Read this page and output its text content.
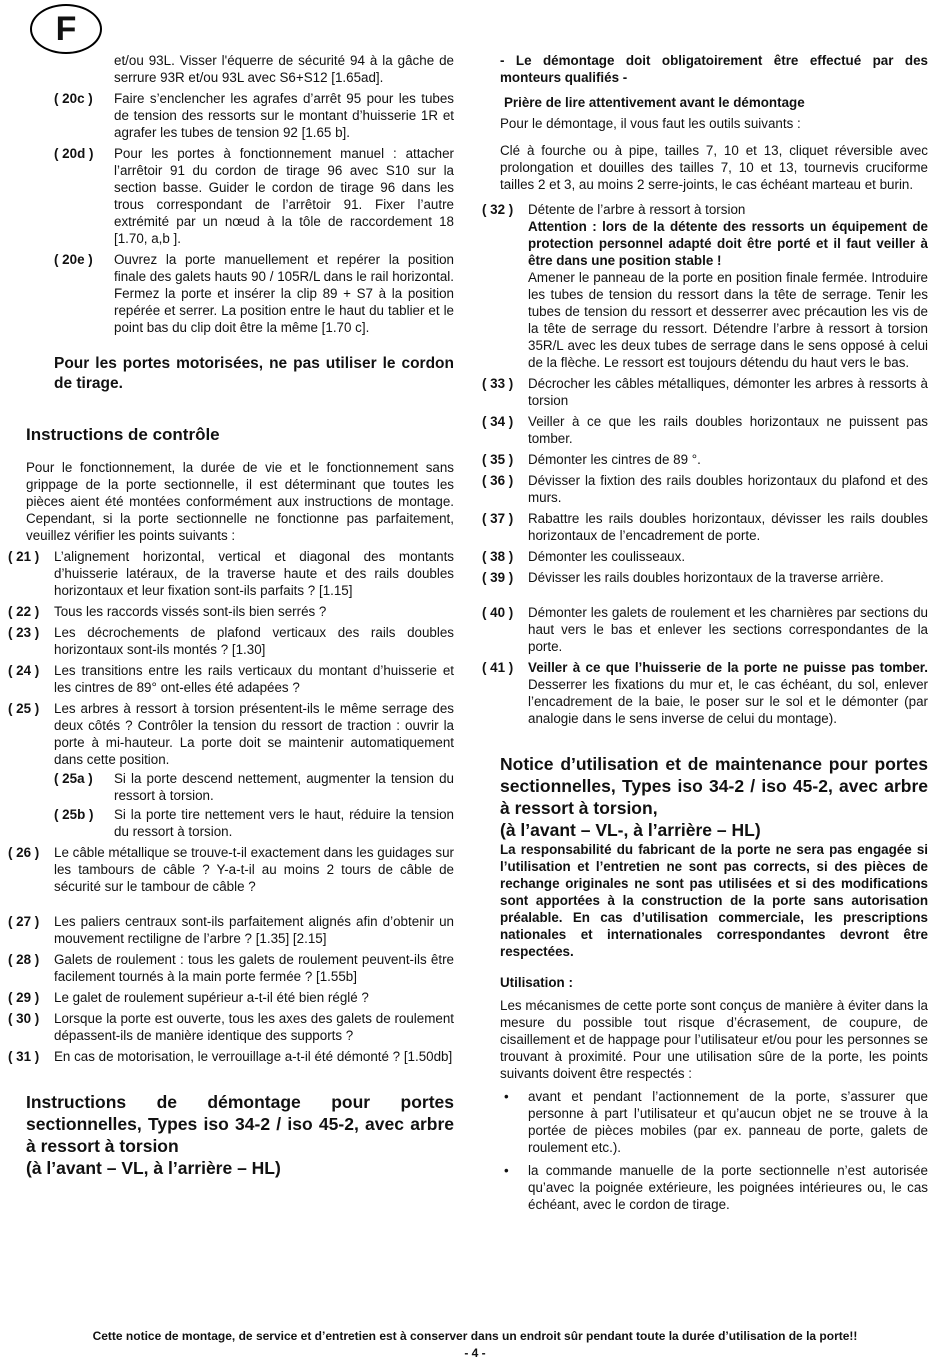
F
et/ou 93L. Visser l'équerre de sécurité 94 à la gâche de serrure 93R et/ou 93L avec S6+S12 [1.65ad].
( 20c )	Faire s’enclencher les agrafes d’arrêt 95 pour les tubes de tension des ressorts sur le montant d’huisserie 1R et agrafer les tubes de tension 92 [1.65 b].
( 20d )	Pour les portes à fonctionnement manuel : attacher l’arrêtoir 91 du cordon de tirage 96 avec S10 sur la section basse. Guider le cordon de tirage 96 dans les trous correspondant de l’arrêtoir 91. Fixer l’autre extrémité par un nœud à la tôle de raccordement 18 [1.70, a,b ].
( 20e )	Ouvrez la porte manuellement et repérer la position finale des galets hauts 90 / 105R/L dans le rail horizontal. Fermez la porte et insérer la clip 89 + S7 à la position repérée et serrer. La position entre le haut du tablier et le point bas du clip doit être la même [1.70 c].
Pour les portes motorisées, ne pas utiliser le cordon de tirage.
Instructions de contrôle
Pour le fonctionnement, la durée de vie et le fonctionnement sans grippage de la porte sectionnelle, il est déterminant que toutes les pièces aient été montées conformément aux instructions de montage. Cependant, si la porte sectionnelle ne fonctionne pas parfaitement, veuillez vérifier les points suivants :
( 21 )	L’alignement horizontal, vertical et diagonal des montants d’huisserie latéraux, de la traverse haute et des rails doubles horizontaux et leur fixation sont-ils parfaits ? [1.15]
( 22 )	Tous les raccords vissés sont-ils bien serrés ?
( 23 )	Les décrochements de plafond verticaux des rails doubles horizontaux sont-ils montés ? [1.30]
( 24 )	Les transitions entre les rails verticaux du montant d’huisserie et les cintres de 89° ont-elles été adapées ?
( 25 )	Les arbres à ressort à torsion présentent-ils le même serrage des deux côtés ? Contrôler la tension du ressort de traction : ouvrir la porte à mi-hauteur. La porte doit se maintenir automatiquement dans cette position.
( 25a )	Si la porte descend nettement, augmenter la tension du ressort à torsion.
( 25b )	Si la porte tire nettement vers le haut, réduire la tension du ressort à torsion.
( 26 )	Le câble métallique se trouve-t-il exactement dans les guidages sur les tambours de câble ? Y-a-t-il au moins 2 tours de câble de sécurité sur le tambour de câble ?
( 27 )	Les paliers centraux sont-ils parfaitement alignés afin d’obtenir un mouvement rectiligne de l’arbre ? [1.35] [2.15]
( 28 )	Galets de roulement : tous les galets de roulement peuvent-ils être facilement tournés à la main porte fermée ? [1.55b]
( 29 )	Le galet de roulement supérieur a-t-il été bien réglé ?
( 30 )	Lorsque la porte est ouverte, tous les axes des galets de roulement dépassent-ils de manière identique des supports ?
( 31 )	En cas de motorisation, le verrouillage a-t-il été démonté ? [1.50db]
Instructions de démontage pour portes sectionnelles, Types iso 34-2 / iso 45-2, avec arbre à ressort à torsion
(à l’avant – VL, à l’arrière – HL)
- Le démontage doit obligatoirement être effectué par des monteurs qualifiés -
Prière de lire attentivement avant le démontage
Pour le démontage, il vous faut les outils suivants :
Clé à fourche ou à pipe, tailles 7, 10 et 13, cliquet réversible avec prolongation et douilles des tailles 7, 10 et 13, tournevis cruciforme tailles 2 et 3, au moins 2 serre-joints, le cas échéant marteau et burin.
( 32 )	Détente de l’arbre à ressort à torsion
Attention : lors de la détente des ressorts un équipement de protection personnel adapté doit être porté et il faut veiller à être dans une position stable !
Amener le panneau de la porte en position finale fermée. Introduire les tubes de tension du ressort dans la tête de serrage. Tenir les tubes de tension du ressort et desserrer avec précaution les vis de la tête de serrage du ressort. Détendre l’arbre à ressort à torsion 35R/L avec les deux tubes de serrage dans le sens opposé à celui de la flèche. Le ressort est toujours détendu du haut vers le bas.
( 33 )	Décrocher les câbles métalliques, démonter les arbres à ressorts à torsion
( 34 )	Veiller à ce que les rails doubles horizontaux ne puissent pas tomber.
( 35 )	Démonter les cintres de 89 °.
( 36 )	Dévisser la fixtion des rails doubles horizontaux du plafond et des murs.
( 37 )	Rabattre les rails doubles horizontaux, dévisser les rails doubles horizontaux de l’encadrement de porte.
( 38 )	Démonter les coulisseaux.
( 39 )	Dévisser les rails doubles horizontaux de la traverse arrière.
( 40 )	Démonter les galets de roulement et les charnières par sections du haut vers le bas et enlever les sections correspondantes de la porte.
( 41 )	Veiller à ce que l’huisserie de la porte ne puisse pas tomber. Desserrer les fixations du mur et, le cas échéant, du sol, enlever l’encadrement de la baie, le poser sur le sol et le démonter (par analogie dans le sens inverse de celui du montage).
Notice d’utilisation et de maintenance pour portes sectionnelles, Types iso 34-2 / iso 45-2, avec arbre à ressort à torsion,
(à l’avant – VL-, à l’arrière – HL)
La responsabilité du fabricant de la porte ne sera pas engagée si l’utilisation et l’entretien ne sont pas corrects, si des pièces de rechange originales ne sont pas utilisées et si des modifications sont apportées à la construction de la porte sans autorisation préalable. En cas d’utilisation commerciale, les prescriptions nationales et internationales correspondantes devront être respectées.
Utilisation :
Les mécanismes de cette porte sont conçus de manière à éviter dans la mesure du possible tout risque d’écrasement, de coupure, de cisaillement et de happage pour l’utilisateur et/ou pour les personnes se trouvant à proximité. Pour une utilisation sûre de la porte, les points suivants doivent être respectés :
•	avant et pendant l’actionnement de la porte, s’assurer que personne à part l’utilisateur et qu’aucun objet ne se trouve à la portée de pièces mobiles (par ex. panneau de porte, galets de roulement etc.).
•	la commande manuelle de la porte sectionnelle n’est autorisée qu’avec la poignée extérieure, les poignées intérieures ou, le cas échéant, avec le cordon de tirage.
Cette notice de montage, de service et d’entretien est à conserver dans un endroit sûr pendant toute la durée d’utilisation de la porte!!
- 4 -
